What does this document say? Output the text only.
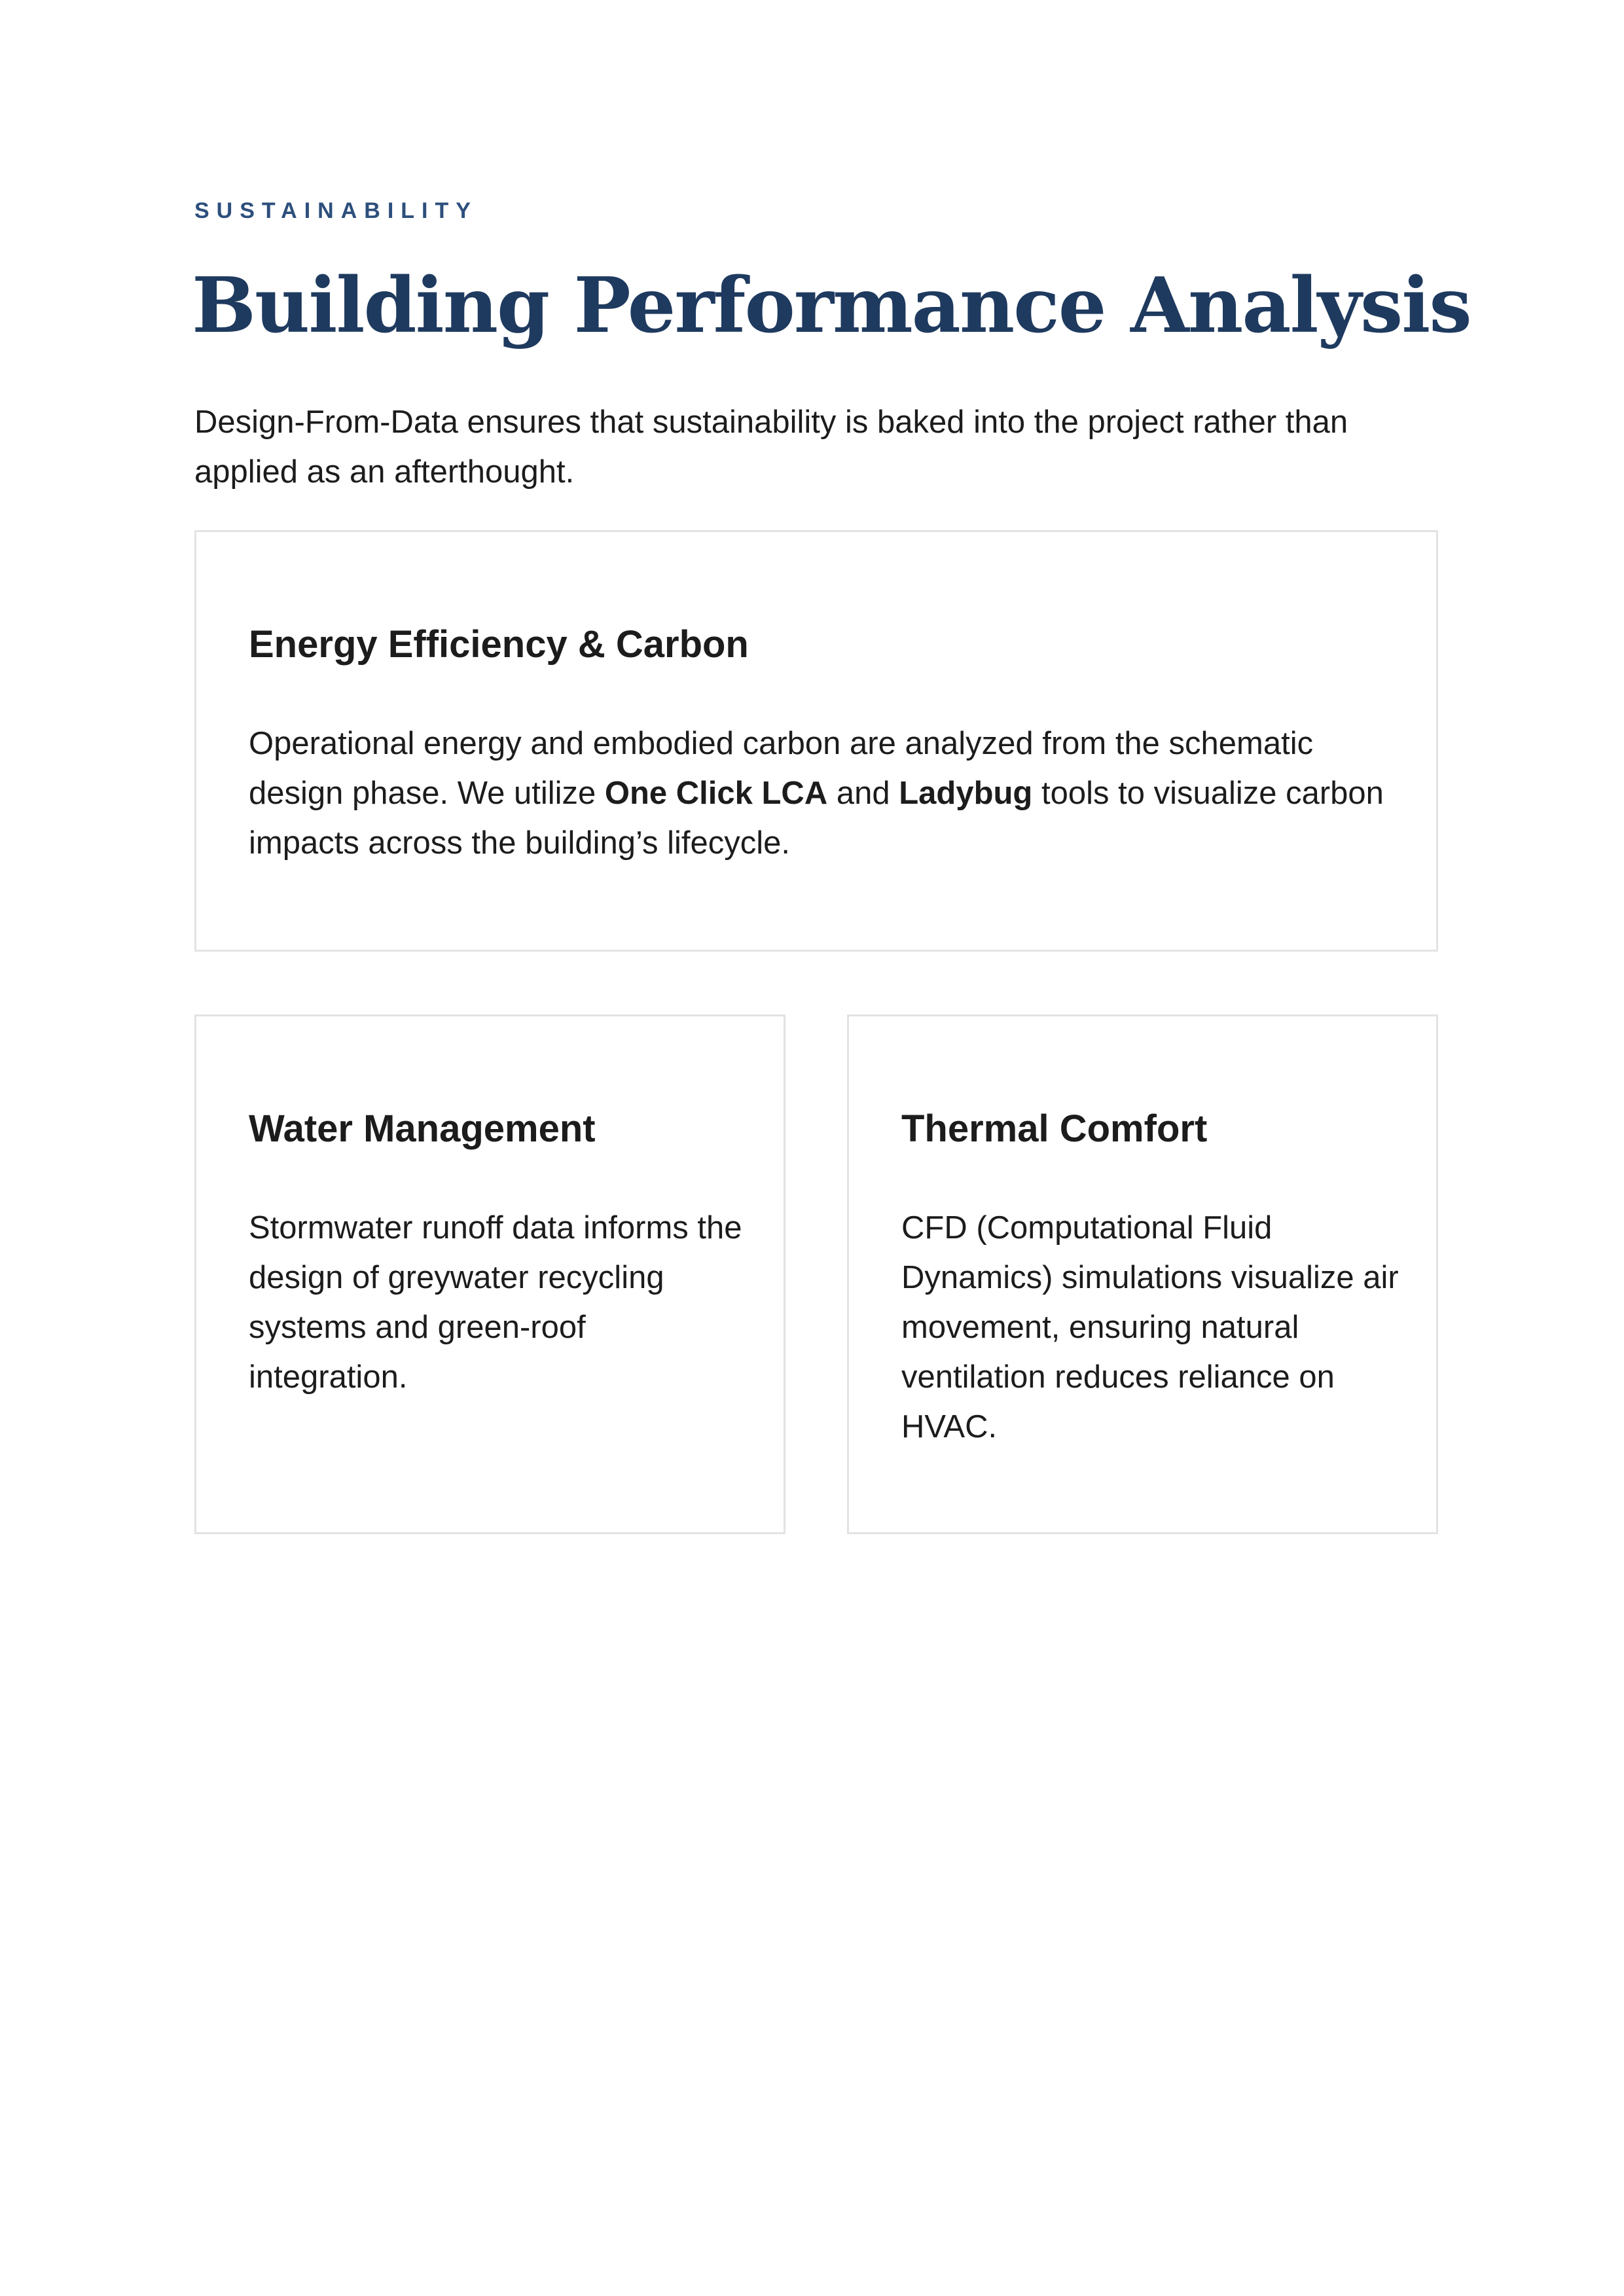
SUSTAINABILITY
Building Performance Analysis

Design-From-Data ensures that sustainability is baked into the project rather than applied as an afterthought.

Energy Efficiency & Carbon

Operational energy and embodied carbon are analyzed from the schematic design phase. We utilize One Click LCA and Ladybug tools to visualize carbon impacts across the building’s lifecycle.

Water Management

Stormwater runoff data informs the design of greywater recycling systems and green-roof integration.

Thermal Comfort

CFD (Computational Fluid Dynamics) simulations visualize air movement, ensuring natural ventilation reduces reliance on HVAC.
